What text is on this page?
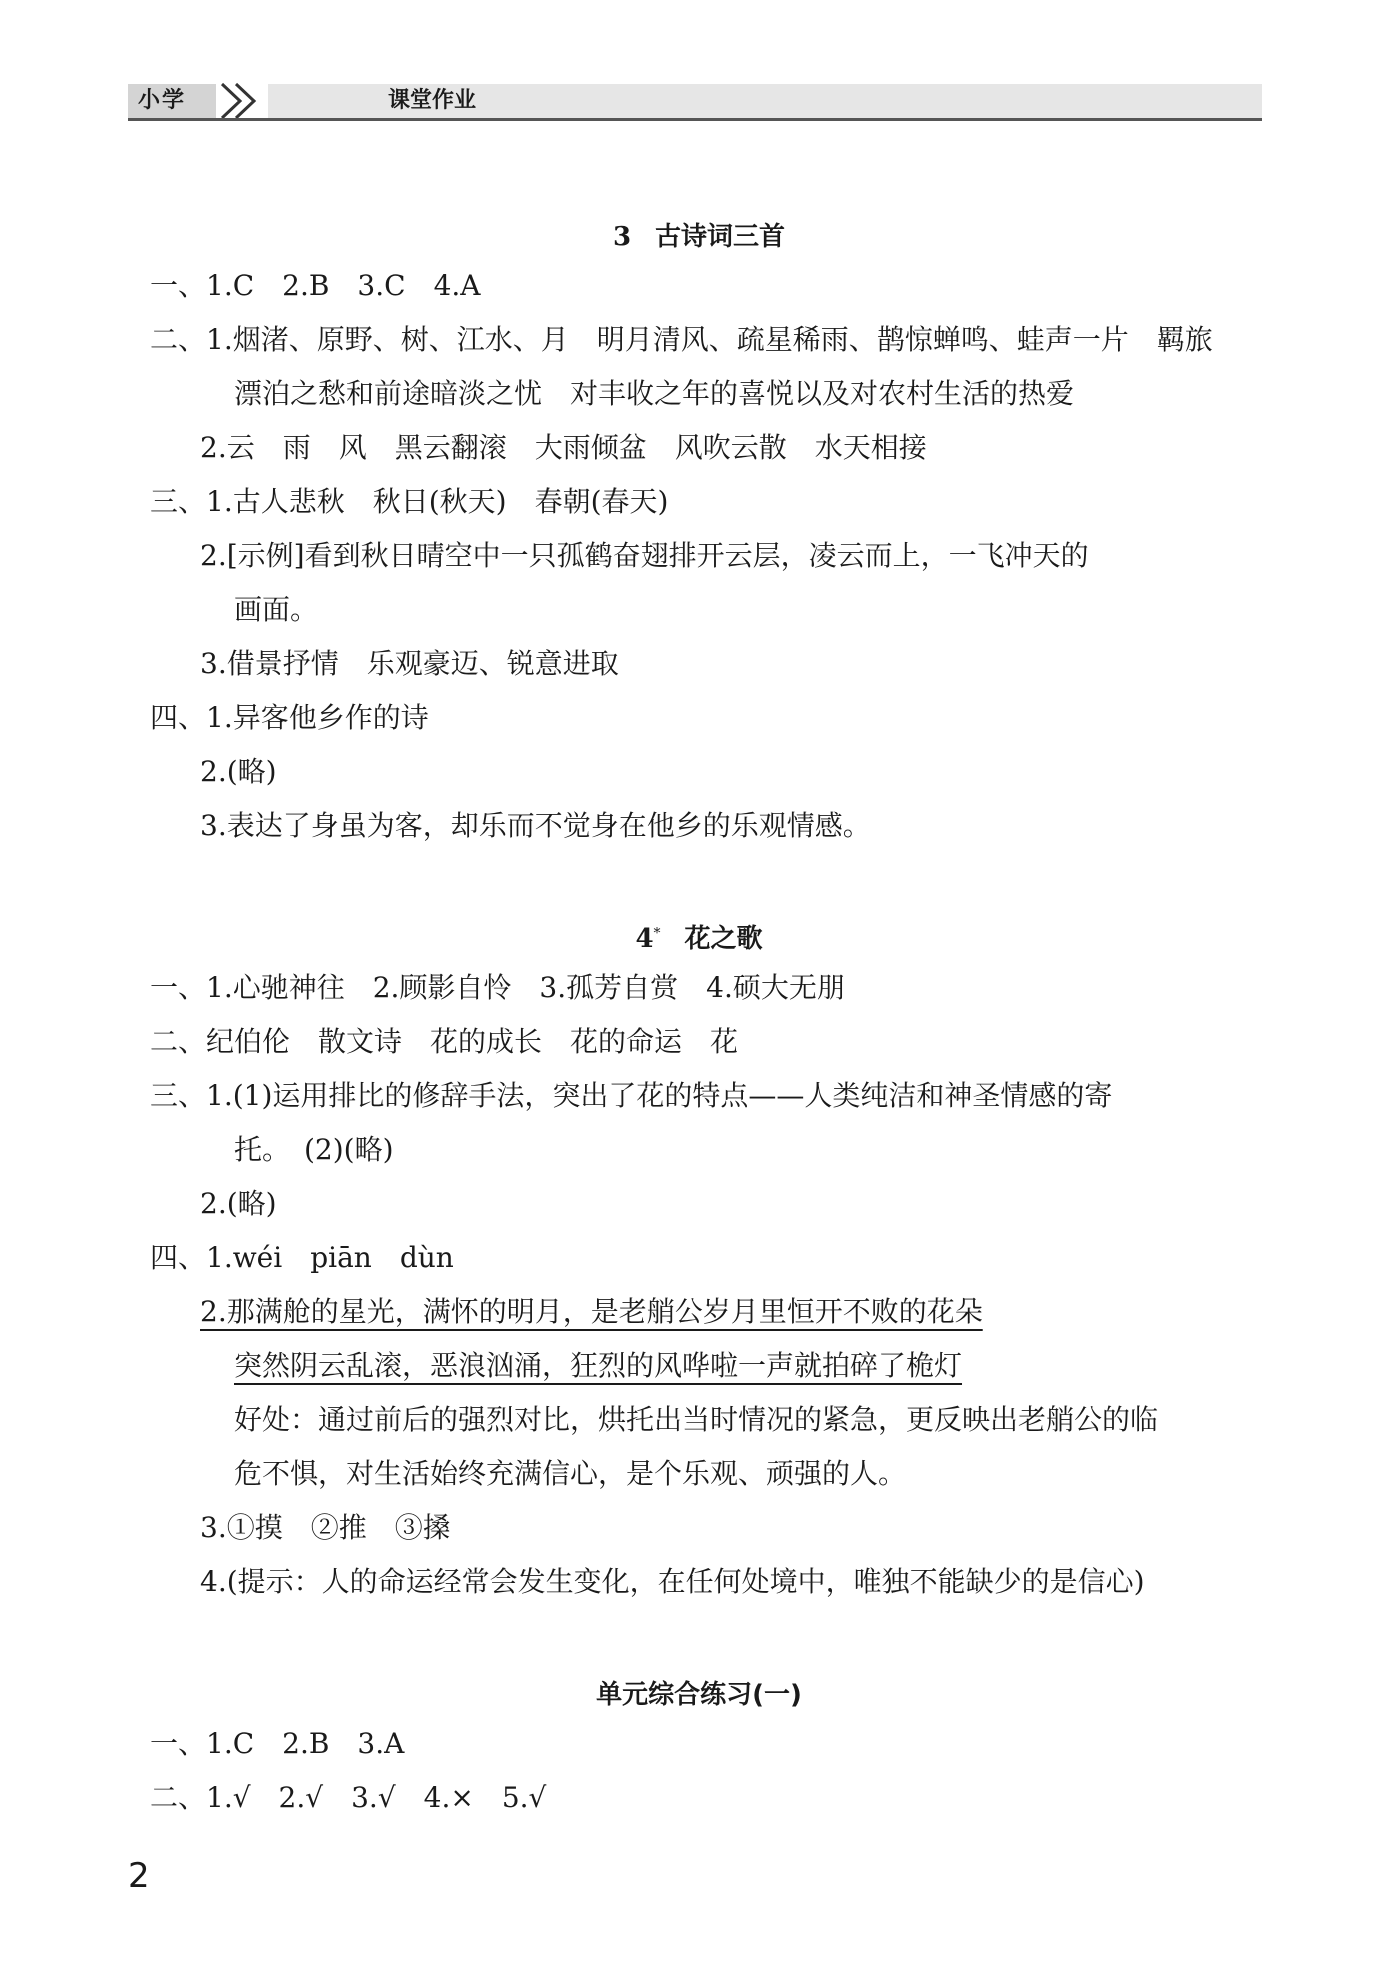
小学	课堂作业
3 古诗词三首
一、1.C　2.B　3.C　4.A
二、1.烟渚、原野、树、江水、月　明月清风、疏星稀雨、鹊惊蝉鸣、蛙声一片　羁旅
漂泊之愁和前途暗淡之忧　对丰收之年的喜悦以及对农村生活的热爱
2.云　雨　风　黑云翻滚　大雨倾盆　风吹云散　水天相接
三、1.古人悲秋　秋日(秋天)　春朝(春天)
2.[示例]看到秋日晴空中一只孤鹤奋翅排开云层，凌云而上，一飞冲天的
画面。
3.借景抒情　乐观豪迈、锐意进取
四、1.异客他乡作的诗
2.(略)
3.表达了身虽为客，却乐而不觉身在他乡的乐观情感。
4* 花之歌
一、1.心驰神往　2.顾影自怜　3.孤芳自赏　4.硕大无朋
二、纪伯伦　散文诗　花的成长　花的命运　花
三、1.(1)运用排比的修辞手法，突出了花的特点——人类纯洁和神圣情感的寄
托。　(2)(略)
2.(略)
四、1.wéi　piān　dùn
2.那满舱的星光，满怀的明月，是老艄公岁月里恒开不败的花朵
突然阴云乱滚，恶浪汹涌，狂烈的风哗啦一声就拍碎了桅灯
好处：通过前后的强烈对比，烘托出当时情况的紧急，更反映出老艄公的临
危不惧，对生活始终充满信心，是个乐观、顽强的人。
3.①摸　②推　③搡
4.(提示：人的命运经常会发生变化，在任何处境中，唯独不能缺少的是信心)
单元综合练习(一)
一、1.C　2.B　3.A
二、1.√　2.√　3.√　4.×　5.√
2
